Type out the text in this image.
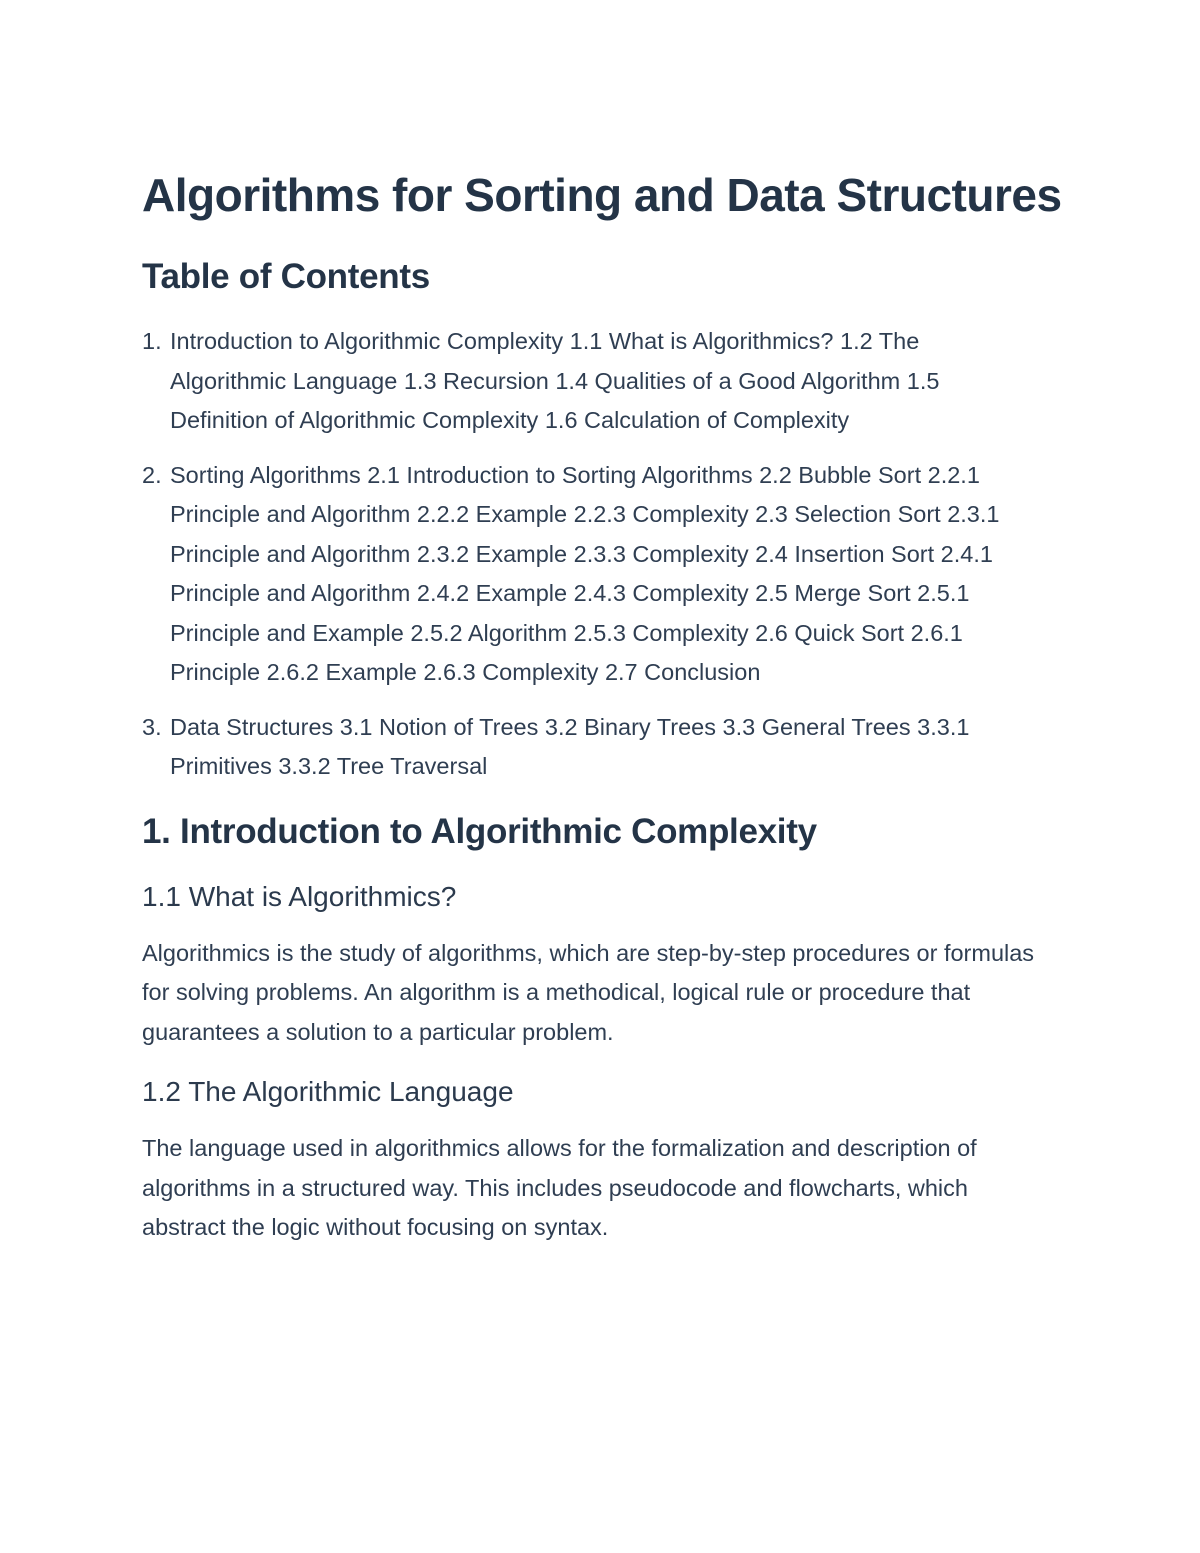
Algorithms for Sorting and Data Structures
Table of Contents
1. Introduction to Algorithmic Complexity 1.1 What is Algorithmics? 1.2 The Algorithmic Language 1.3 Recursion 1.4 Qualities of a Good Algorithm 1.5 Definition of Algorithmic Complexity 1.6 Calculation of Complexity
2. Sorting Algorithms 2.1 Introduction to Sorting Algorithms 2.2 Bubble Sort 2.2.1 Principle and Algorithm 2.2.2 Example 2.2.3 Complexity 2.3 Selection Sort 2.3.1 Principle and Algorithm 2.3.2 Example 2.3.3 Complexity 2.4 Insertion Sort 2.4.1 Principle and Algorithm 2.4.2 Example 2.4.3 Complexity 2.5 Merge Sort 2.5.1 Principle and Example 2.5.2 Algorithm 2.5.3 Complexity 2.6 Quick Sort 2.6.1 Principle 2.6.2 Example 2.6.3 Complexity 2.7 Conclusion
3. Data Structures 3.1 Notion of Trees 3.2 Binary Trees 3.3 General Trees 3.3.1 Primitives 3.3.2 Tree Traversal
1. Introduction to Algorithmic Complexity
1.1 What is Algorithmics?

Algorithmics is the study of algorithms, which are step-by-step procedures or formulas for solving problems. An algorithm is a methodical, logical rule or procedure that guarantees a solution to a particular problem.

1.2 The Algorithmic Language

The language used in algorithmics allows for the formalization and description of algorithms in a structured way. This includes pseudocode and flowcharts, which abstract the logic without focusing on syntax.
